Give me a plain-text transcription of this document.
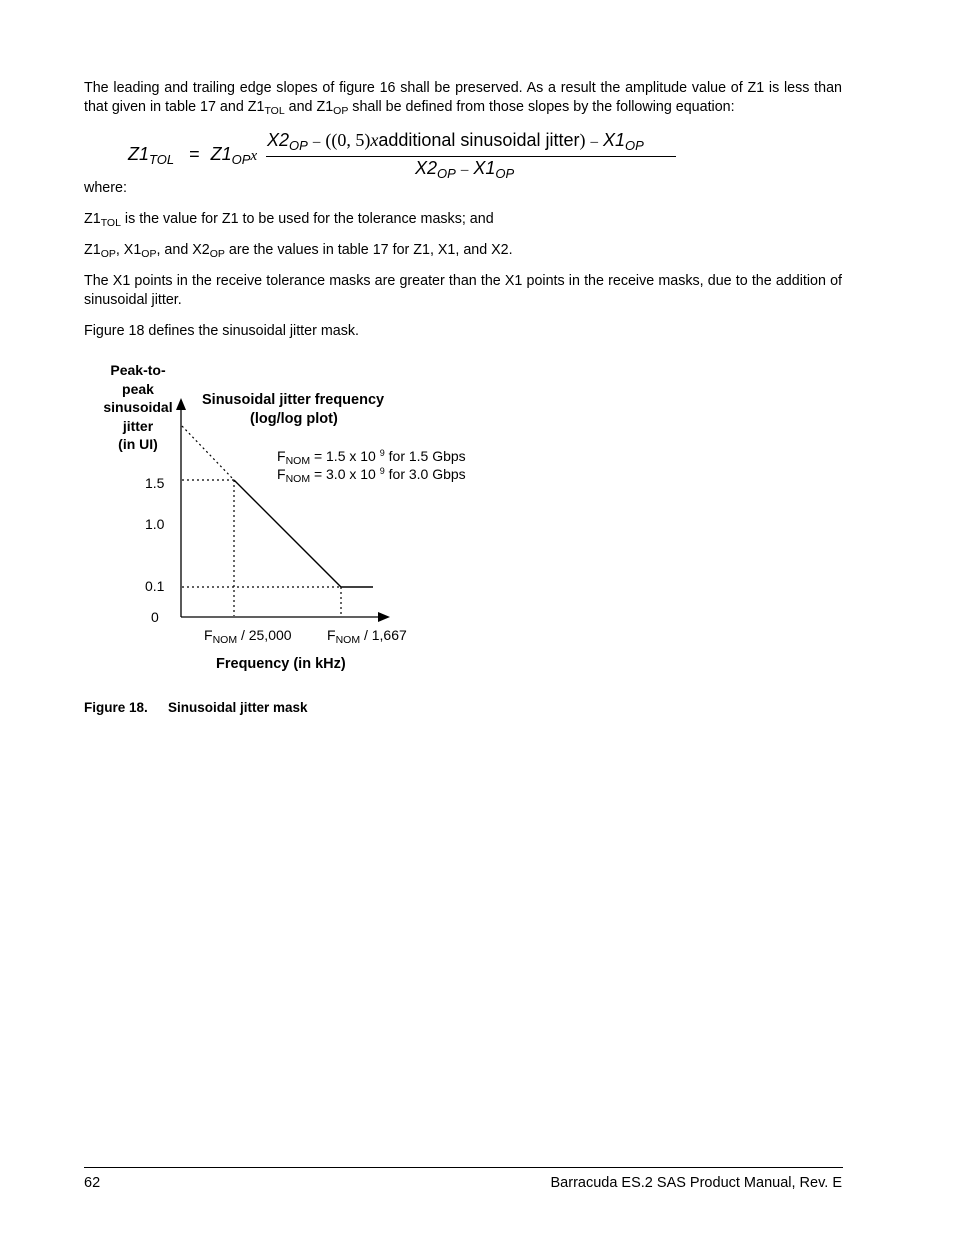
The leading and trailing edge slopes of figure 16 shall be preserved. As a result the amplitude value of Z1 is less than that given in table 17 and $Z1_{TOL}$ and $Z1_{OP}$ shall be defined from those slopes by the following equation:

$Z1_{TOL} = Z1_{OP}x$
$X2_{OP} - ((0$, 5)xadditional sinusoidal jitter) – $X1_{OP}$
$X2_{OP} - X1_{OP}$

where:

$Z1_{TOL}$ is the value for Z1 to be used for the tolerance masks; and

$Z1_{OP}$, $X1_{OP}$, and $X2_{OP}$ are the values in table 17 for Z1, X1, and X2.

The X1 points in the receive tolerance masks are greater than the X1 points in the receive masks, due to the addition of sinusoidal jitter.

Figure 18 defines the sinusoidal jitter mask.

Peak-to-
peak
sinusoidal
jitter
(in UI)
Sinusoidal jitter frequency
(log/log plot)
$F_{NOM} = 1.5$ x 10 $^9$ for 1.5 Gbps
$F_{NOM} = 3.0$ x 10 $^9$ for 3.0 Gbps
1.5
1.0
0.1
0
$F_{NOM} / 25,000$	$F_{NOM} / 1,667$
Frequency (in kHz)
Figure 18. Sinusoidal jitter mask
62	Barracuda ES.2 SAS Product Manual, Rev. E
